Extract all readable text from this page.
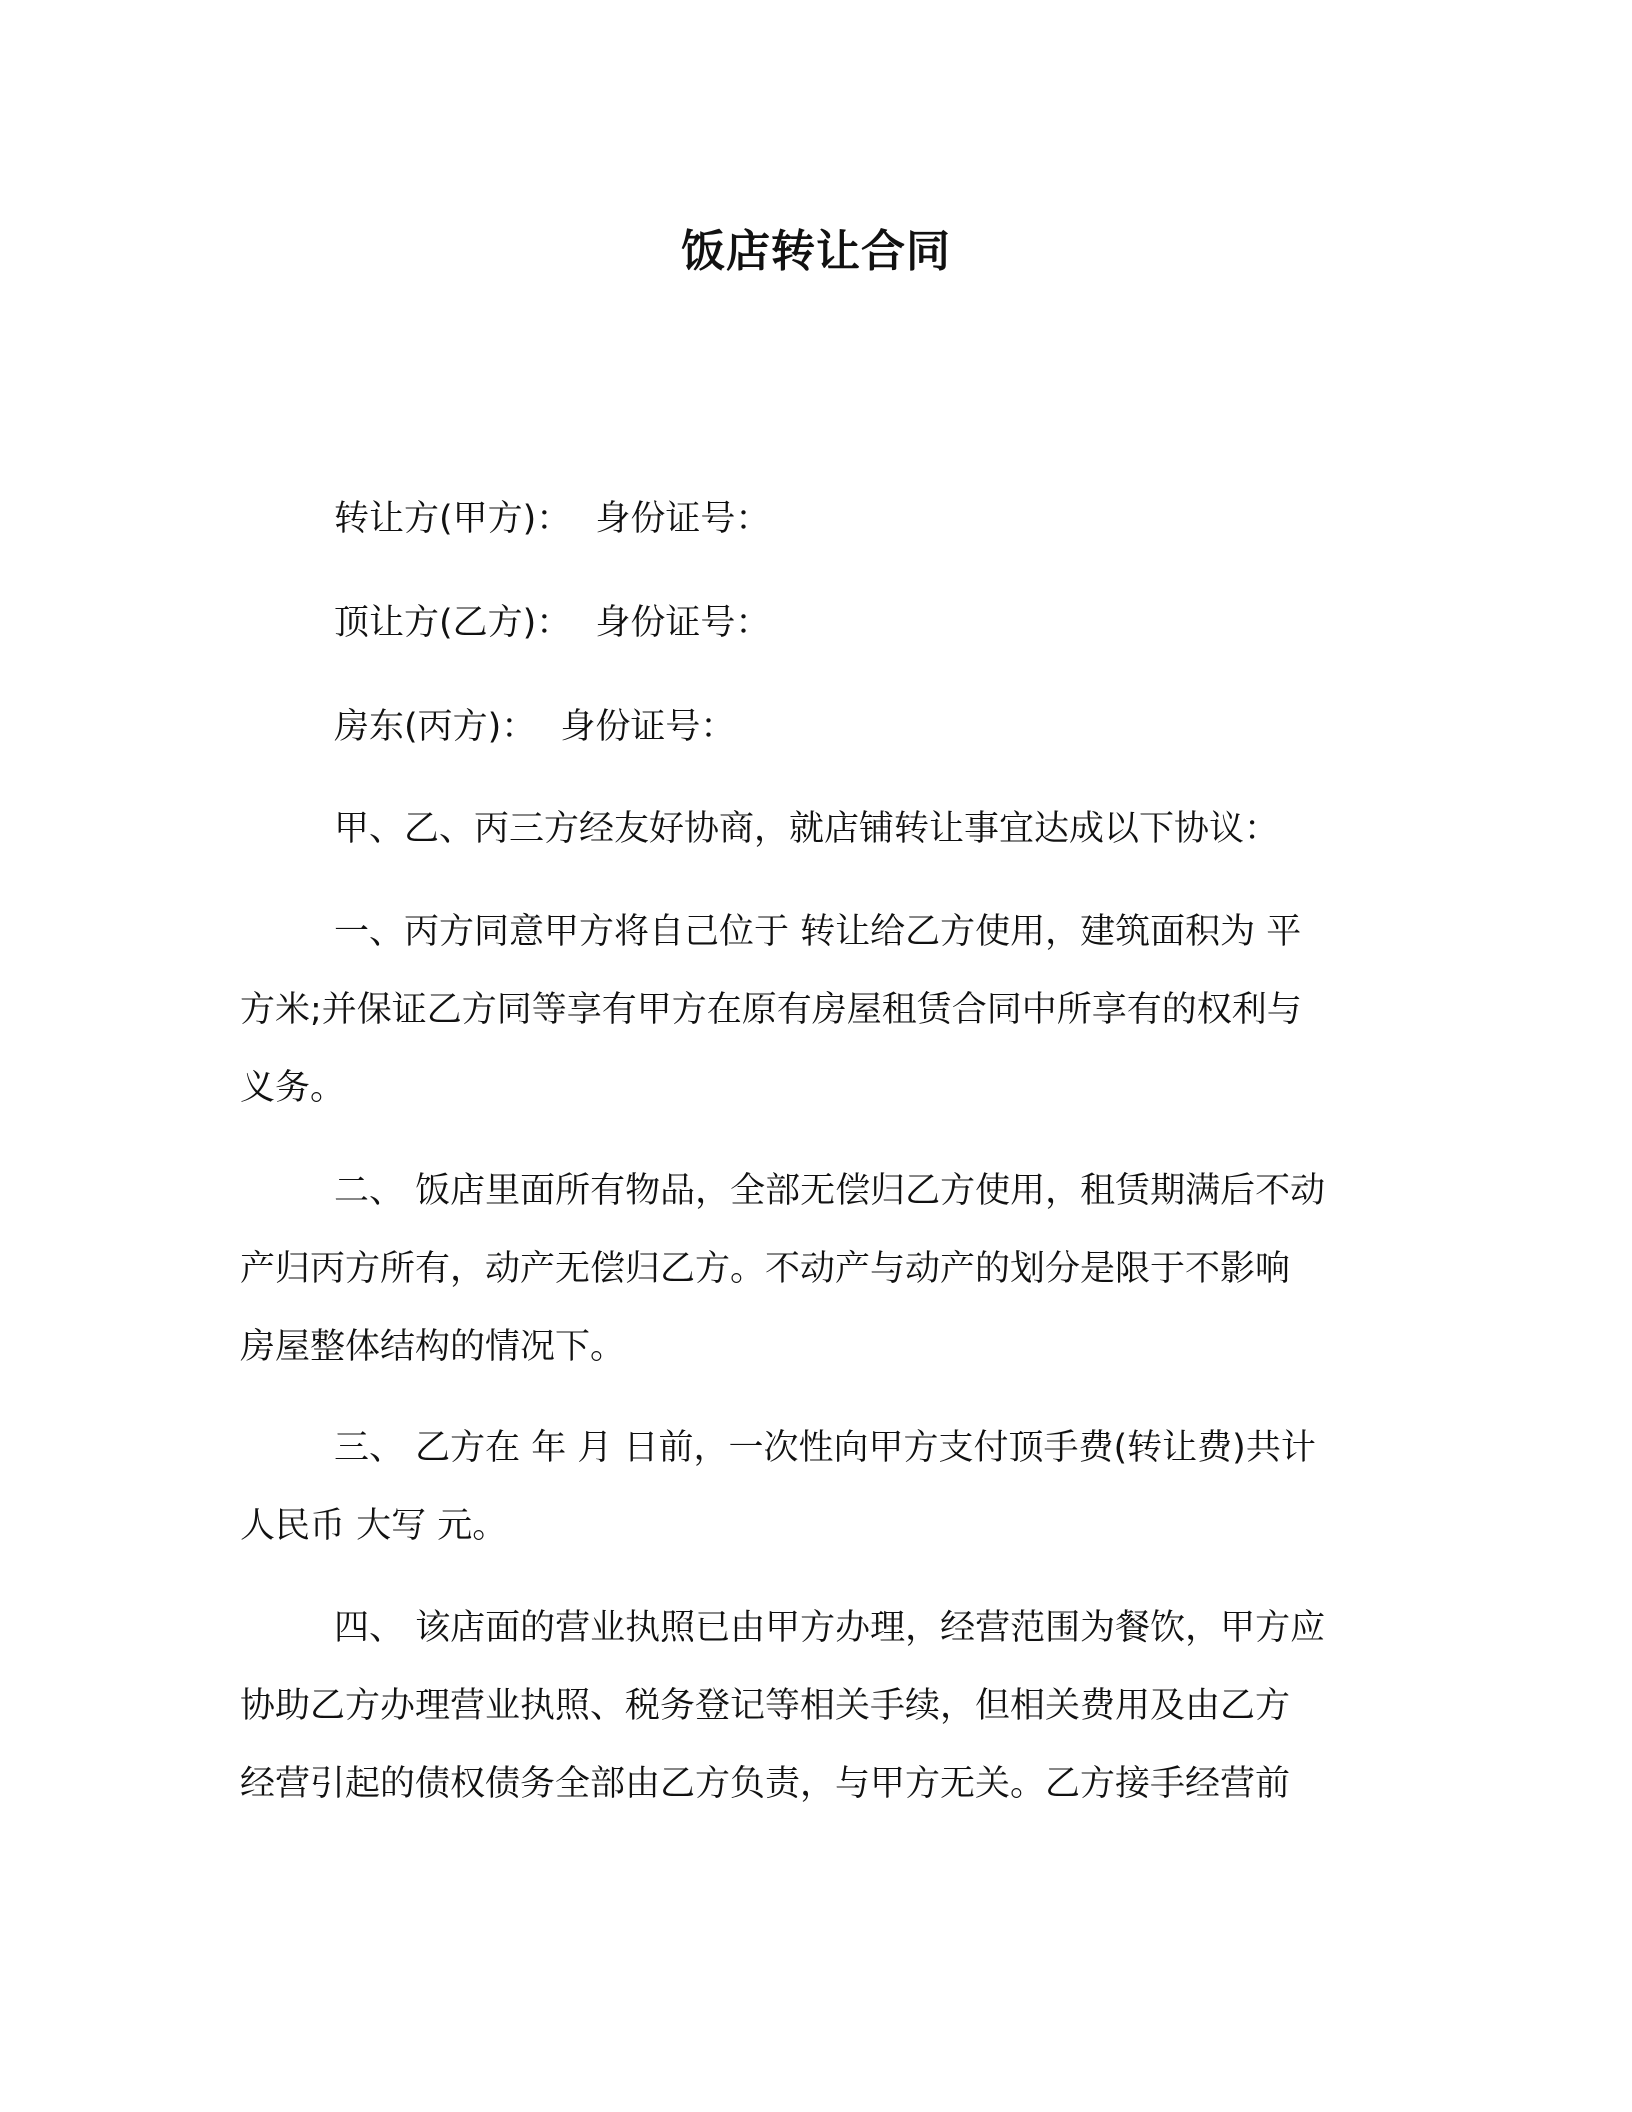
饭店转让合同

转让方(甲方)： 身份证号：

顶让方(乙方)： 身份证号：

房东(丙方)： 身份证号：

甲、乙、丙三方经友好协商，就店铺转让事宜达成以下协议：

一、丙方同意甲方将自己位于 转让给乙方使用，建筑面积为 平
方米;并保证乙方同等享有甲方在原有房屋租赁合同中所享有的权利与
义务。
二、 饭店里面所有物品，全部无偿归乙方使用，租赁期满后不动
产归丙方所有，动产无偿归乙方。不动产与动产的划分是限于不影响
房屋整体结构的情况下。
三、 乙方在 年 月 日前，一次性向甲方支付顶手费(转让费)共计
人民币 大写 元。
四、 该店面的营业执照已由甲方办理，经营范围为餐饮，甲方应
协助乙方办理营业执照、税务登记等相关手续，但相关费用及由乙方
经营引起的债权债务全部由乙方负责，与甲方无关。乙方接手经营前
